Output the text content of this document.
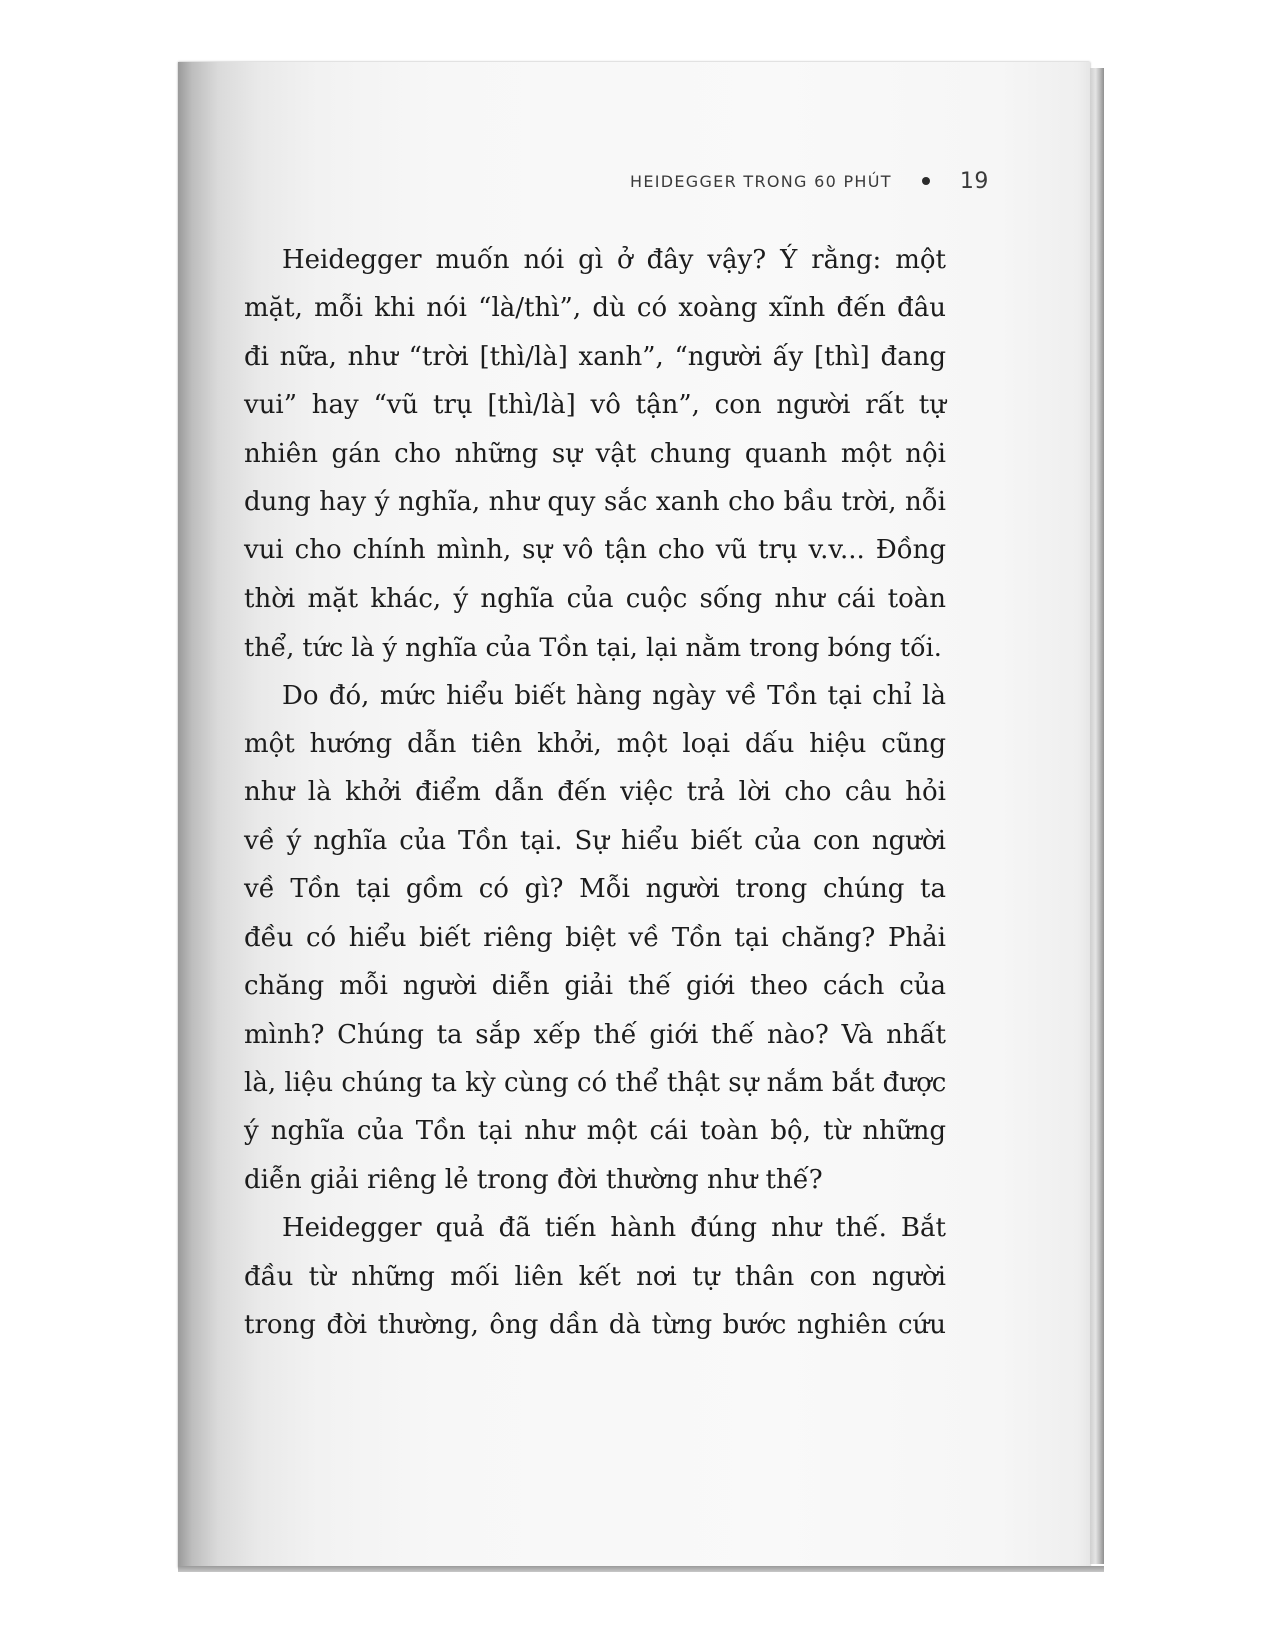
HEIDEGGER TRONG 60 PHÚT	19
Heidegger muốn nói gì ở đây vậy? Ý rằng: một
mặt, mỗi khi nói “là/thì”, dù có xoàng xĩnh đến đâu
đi nữa, như “trời [thì/là] xanh”, “người ấy [thì] đang
vui” hay “vũ trụ [thì/là] vô tận”, con người rất tự
nhiên gán cho những sự vật chung quanh một nội
dung hay ý nghĩa, như quy sắc xanh cho bầu trời, nỗi
vui cho chính mình, sự vô tận cho vũ trụ v.v... Đồng
thời mặt khác, ý nghĩa của cuộc sống như cái toàn
thể, tức là ý nghĩa của Tồn tại, lại nằm trong bóng tối.
Do đó, mức hiểu biết hàng ngày về Tồn tại chỉ là
một hướng dẫn tiên khởi, một loại dấu hiệu cũng
như là khởi điểm dẫn đến việc trả lời cho câu hỏi
về ý nghĩa của Tồn tại. Sự hiểu biết của con người
về Tồn tại gồm có gì? Mỗi người trong chúng ta
đều có hiểu biết riêng biệt về Tồn tại chăng? Phải
chăng mỗi người diễn giải thế giới theo cách của
mình? Chúng ta sắp xếp thế giới thế nào? Và nhất
là, liệu chúng ta kỳ cùng có thể thật sự nắm bắt được
ý nghĩa của Tồn tại như một cái toàn bộ, từ những
diễn giải riêng lẻ trong đời thường như thế?
Heidegger quả đã tiến hành đúng như thế. Bắt
đầu từ những mối liên kết nơi tự thân con người
trong đời thường, ông dần dà từng bước nghiên cứu
